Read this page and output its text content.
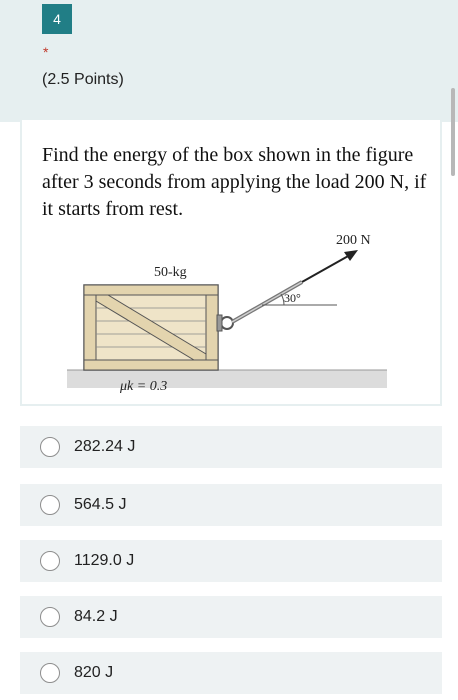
4
*
(2.5 Points)
Find the energy of the box shown in the figure after 3 seconds from applying the load 200 N, if it starts from rest.
200 N
50-kg
30°
μk = 0.3
282.24 J
564.5 J
1129.0 J
84.2 J
820 J
